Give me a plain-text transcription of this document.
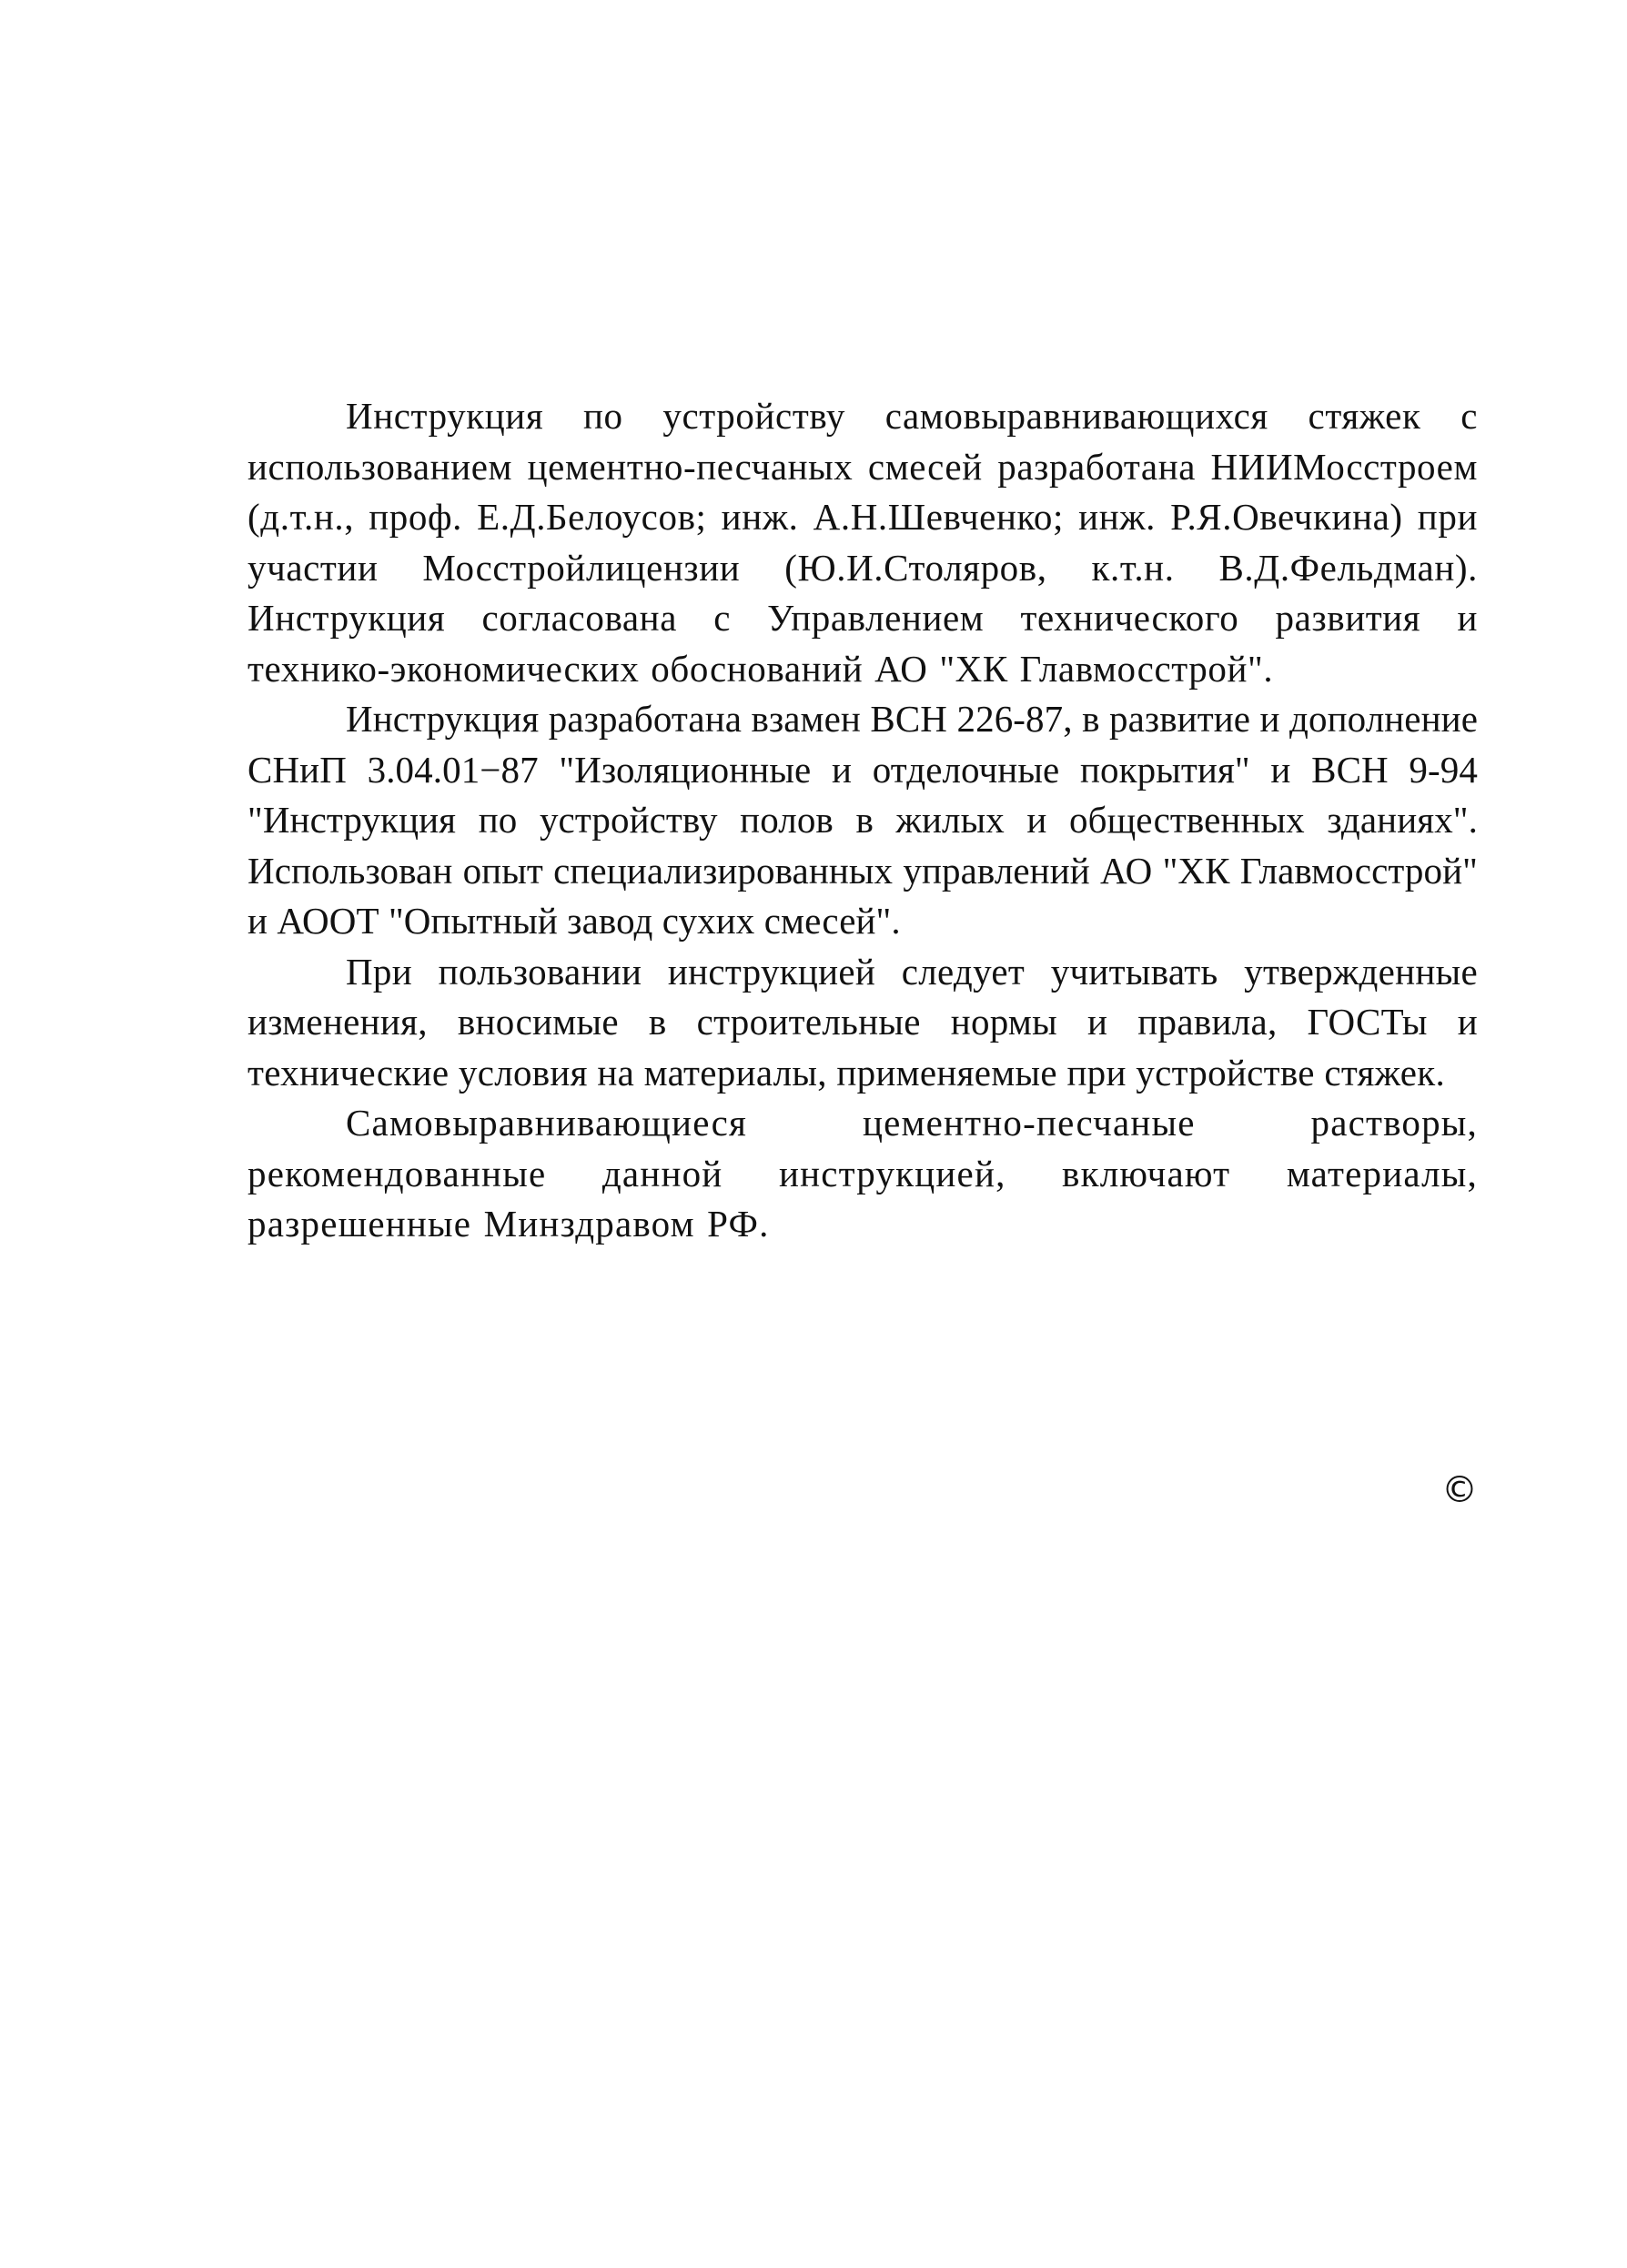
Инструкция по устройству самовыравнивающихся стяжек с использованием цементно-песчаных смесей разработана НИИМосстроем (д.т.н., проф. Е.Д.Белоусов; инж. А.Н.Шевченко; инж. Р.Я.Овечкина) при участии Мосстройлицензии (Ю.И.Столяров, к.т.н. В.Д.Фельдман). Инструкция согласована с Управлением технического развития и технико-экономических обоснований АО "ХК Главмосстрой".

Инструкция разработана взамен ВСН 226-87, в развитие и дополнение СНиП 3.04.01−87 "Изоляционные и отделочные покрытия" и ВСН 9-94 "Инструкция по устройству полов в жилых и общественных зданиях". Использован опыт специализированных управлений АО "ХК Главмосстрой" и АООТ "Опытный завод сухих смесей".

При пользовании инструкцией следует учитывать утвержденные изменения, вносимые в строительные нормы и правила, ГОСТы и технические условия на материалы, применяемые при устройстве стяжек.

Самовыравнивающиеся цементно-песчаные растворы, рекомендованные данной инструкцией, включают материалы, разрешенные Минздравом РФ.

©
